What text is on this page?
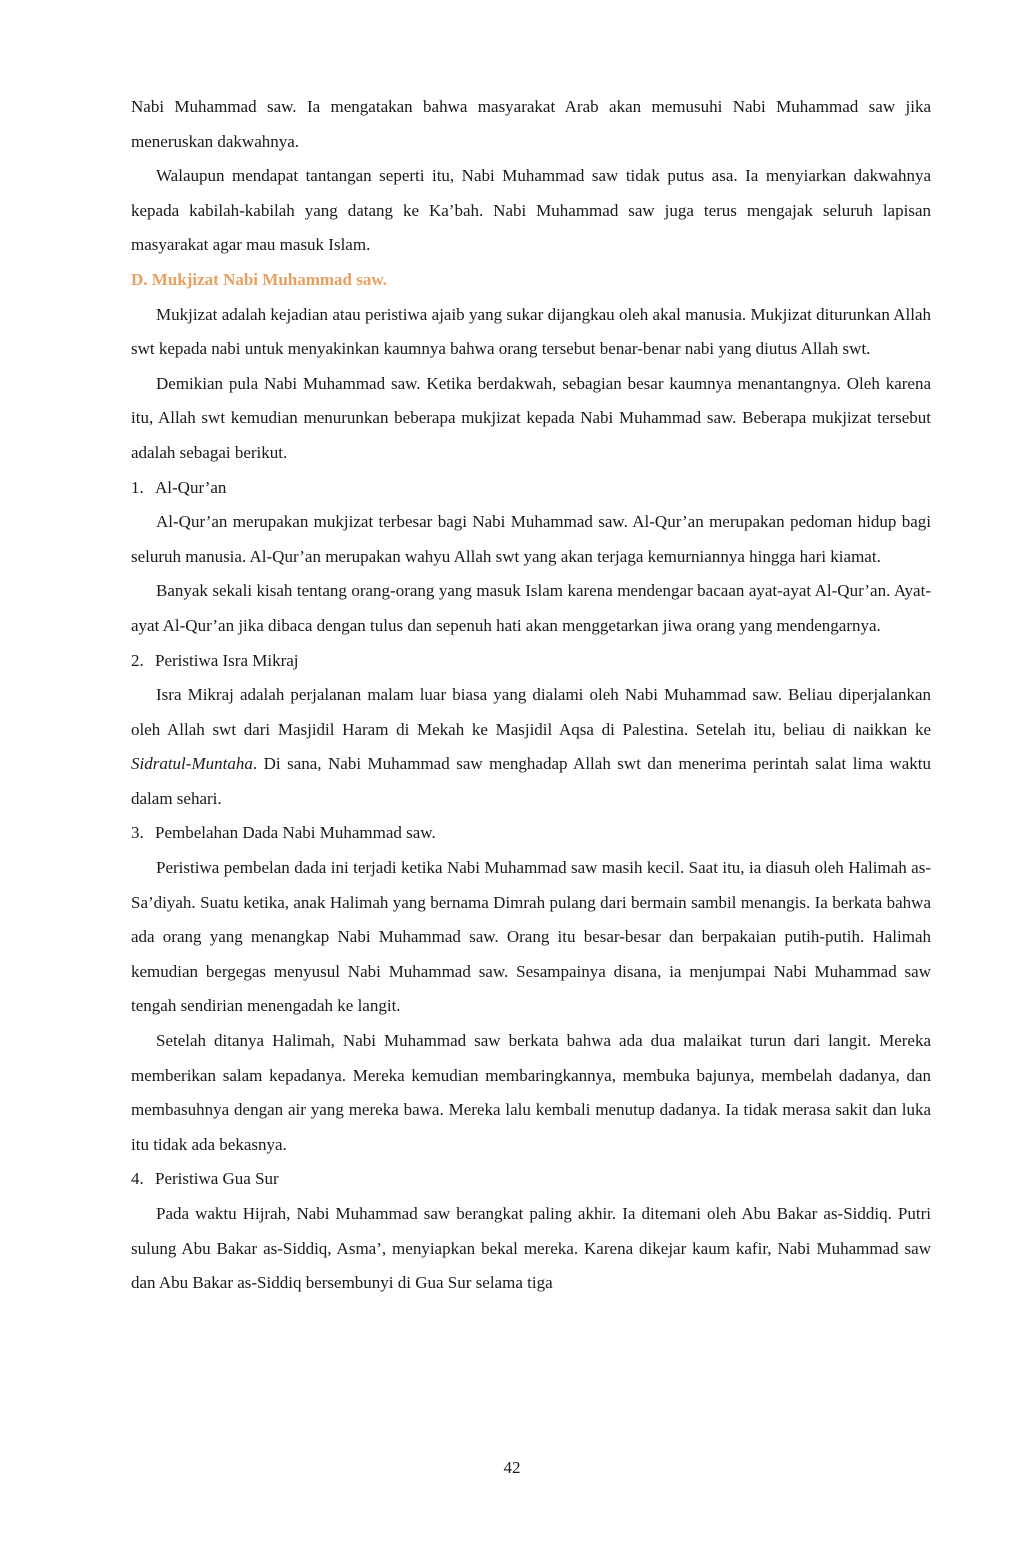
Nabi Muhammad saw. Ia mengatakan bahwa masyarakat Arab akan memusuhi Nabi Muhammad saw jika meneruskan dakwahnya.

Walaupun mendapat tantangan seperti itu, Nabi Muhammad saw tidak putus asa. Ia menyiarkan dakwahnya kepada kabilah-kabilah yang datang ke Ka’bah. Nabi Muhammad saw juga terus mengajak seluruh lapisan masyarakat agar mau masuk Islam.

D. Mukjizat Nabi Muhammad saw.

Mukjizat adalah kejadian atau peristiwa ajaib yang sukar dijangkau oleh akal manusia. Mukjizat diturunkan Allah swt kepada nabi untuk menyakinkan kaumnya bahwa orang tersebut benar-benar nabi yang diutus Allah swt.

Demikian pula Nabi Muhammad saw. Ketika berdakwah, sebagian besar kaumnya menantangnya. Oleh karena itu, Allah swt kemudian menurunkan beberapa mukjizat kepada Nabi Muhammad saw. Beberapa mukjizat tersebut adalah sebagai berikut.

1. Al-Qur’an

Al-Qur’an merupakan mukjizat terbesar bagi Nabi Muhammad saw. Al-Qur’an merupakan pedoman hidup bagi seluruh manusia. Al-Qur’an merupakan wahyu Allah swt yang akan terjaga kemurniannya hingga hari kiamat.

Banyak sekali kisah tentang orang-orang yang masuk Islam karena mendengar bacaan ayat-ayat Al-Qur’an. Ayat-ayat Al-Qur’an jika dibaca dengan tulus dan sepenuh hati akan menggetarkan jiwa orang yang mendengarnya.

2. Peristiwa Isra Mikraj

Isra Mikraj adalah perjalanan malam luar biasa yang dialami oleh Nabi Muhammad saw. Beliau diperjalankan oleh Allah swt dari Masjidil Haram di Mekah ke Masjidil Aqsa di Palestina. Setelah itu, beliau di naikkan ke Sidratul-Muntaha. Di sana, Nabi Muhammad saw menghadap Allah swt dan menerima perintah salat lima waktu dalam sehari.

3. Pembelahan Dada Nabi Muhammad saw.

Peristiwa pembelan dada ini terjadi ketika Nabi Muhammad saw masih kecil. Saat itu, ia diasuh oleh Halimah as-Sa’diyah. Suatu ketika, anak Halimah yang bernama Dimrah pulang dari bermain sambil menangis. Ia berkata bahwa ada orang yang menangkap Nabi Muhammad saw. Orang itu besar-besar dan berpakaian putih-putih. Halimah kemudian bergegas menyusul Nabi Muhammad saw. Sesampainya disana, ia menjumpai Nabi Muhammad saw tengah sendirian menengadah ke langit.

Setelah ditanya Halimah, Nabi Muhammad saw berkata bahwa ada dua malaikat turun dari langit. Mereka memberikan salam kepadanya. Mereka kemudian membaringkannya, membuka bajunya, membelah dadanya, dan membasuhnya dengan air yang mereka bawa. Mereka lalu kembali menutup dadanya. Ia tidak merasa sakit dan luka itu tidak ada bekasnya.

4. Peristiwa Gua Sur

Pada waktu Hijrah, Nabi Muhammad saw berangkat paling akhir. Ia ditemani oleh Abu Bakar as-Siddiq. Putri sulung Abu Bakar as-Siddiq, Asma’, menyiapkan bekal mereka. Karena dikejar kaum kafir, Nabi Muhammad saw dan Abu Bakar as-Siddiq bersembunyi di Gua Sur selama tiga

42
